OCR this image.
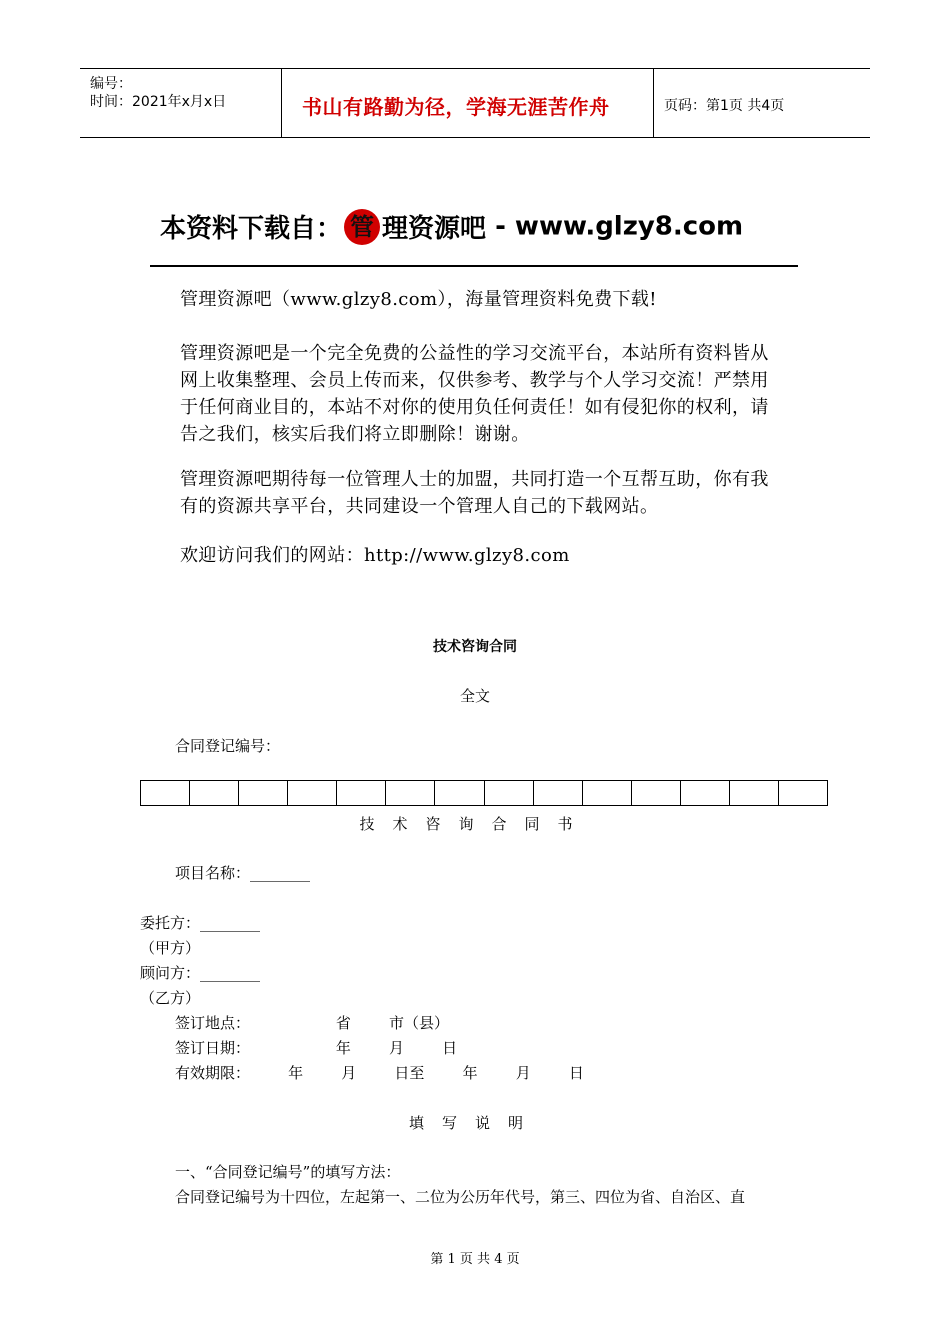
编号：
时间：2021年x月x日	书山有路勤为径，学海无涯苦作舟	页码：第1页 共4页
本资料下载自： 管 理资源吧 - www.glzy8.com
管理资源吧（www.glzy8.com），海量管理资料免费下载!
管理资源吧是一个完全免费的公益性的学习交流平台，本站所有资料皆从网上收集整理、会员上传而来，仅供参考、教学与个人学习交流！严禁用于任何商业目的，本站不对你的使用负任何责任！如有侵犯你的权利，请告之我们，核实后我们将立即删除！谢谢。
管理资源吧期待每一位管理人士的加盟，共同打造一个互帮互助，你有我有的资源共享平台，共同建设一个管理人自己的下载网站。
欢迎访问我们的网站：http://www.glzy8.com
技术咨询合同
全文
合同登记编号：
技术咨询合同书
项目名称：________
委托方：________
（甲方）
顾问方：________
（乙方）
签订地点：                  省        市（县）
签订日期：                  年        月        日
有效期限：        年        月        日至        年        月        日
填写说明
一、“合同登记编号”的填写方法：
合同登记编号为十四位，左起第一、二位为公历年代号，第三、四位为省、自治区、直
第 1 页 共 4 页
